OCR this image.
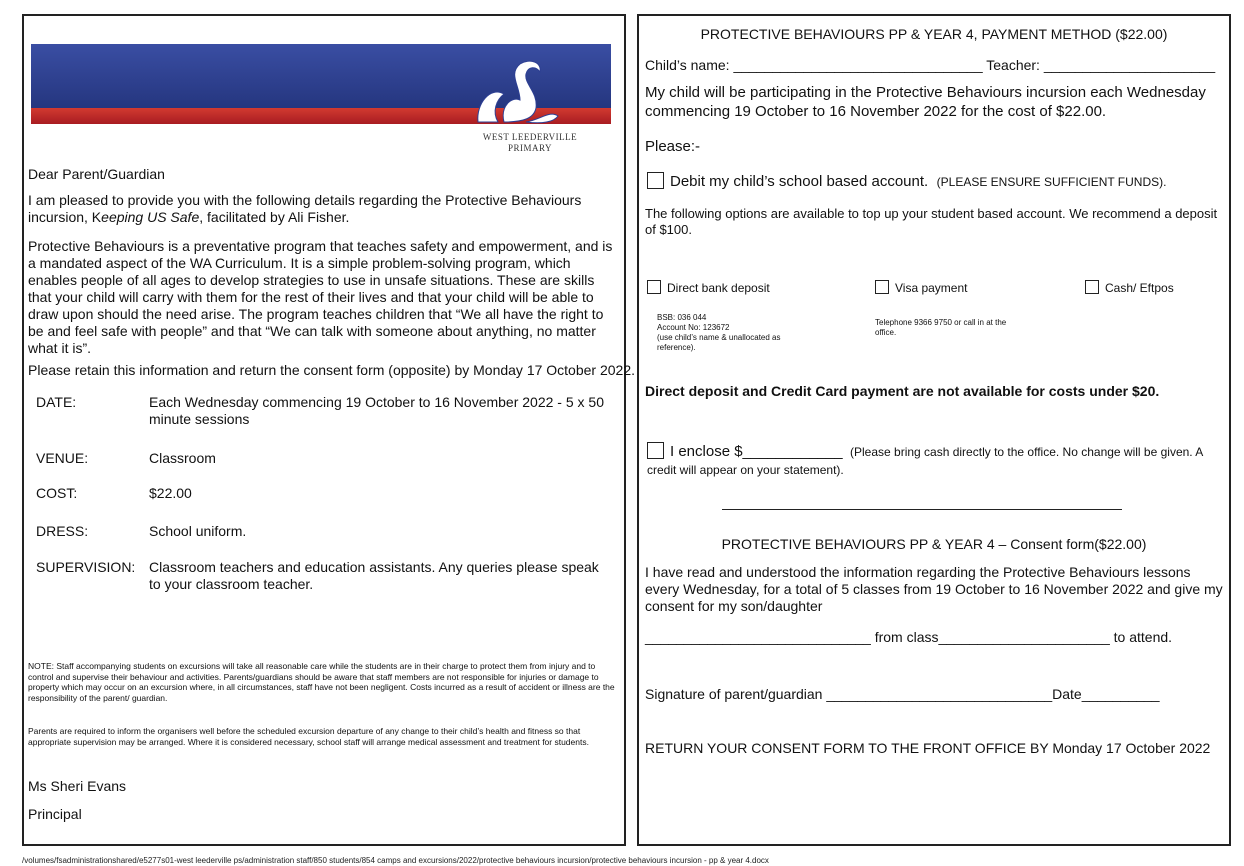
WEST LEEDERVILLE
PRIMARY
Dear Parent/Guardian
I am pleased to provide you with the following details regarding the Protective Behaviours incursion, Keeping US Safe, facilitated by Ali Fisher.
Protective Behaviours is a preventative program that teaches safety and empowerment, and is a mandated aspect of the WA Curriculum. It is a simple problem-solving program, which enables people of all ages to develop strategies to use in unsafe situations. These are skills that your child will carry with them for the rest of their lives and that your child will be able to draw upon should the need arise. The program teaches children that “We all have the right to be and feel safe with people” and that “We can talk with someone about anything, no matter what it is”.
Please retain this information and return the consent form (opposite) by Monday 17 October 2022.
DATE:	Each Wednesday commencing 19 October to 16 November 2022 - 5 x 50 minute sessions
VENUE:	Classroom
COST:	$22.00
DRESS:	School uniform.
SUPERVISION: Classroom teachers and education assistants. Any queries please speak to your classroom teacher.
NOTE: Staff accompanying students on excursions will take all reasonable care while the students are in their charge to protect them from injury and to control and supervise their behaviour and activities. Parents/guardians should be aware that staff members are not responsible for injuries or damage to property which may occur on an excursion where, in all circumstances, staff have not been negligent. Costs incurred as a result of accident or illness are the responsibility of the parent/ guardian.
Parents are required to inform the organisers well before the scheduled excursion departure of any change to their child’s health and fitness so that appropriate supervision may be arranged. Where it is considered necessary, school staff will arrange medical assessment and treatment for students.
Ms Sheri Evans
Principal
PROTECTIVE BEHAVIOURS PP & YEAR 4, PAYMENT METHOD ($22.00)
Child’s name: ________________________________ Teacher: ______________________
My child will be participating in the Protective Behaviours incursion each Wednesday commencing 19 October to 16 November 2022 for the cost of $22.00.
Please:-
Debit my child’s school based account. (PLEASE ENSURE SUFFICIENT FUNDS).
The following options are available to top up your student based account. We recommend a deposit of $100.
Direct bank deposit	Visa payment	Cash/ Eftpos
BSB: 036 044
Account No: 123672
(use child’s name & unallocated as reference).
Telephone 9366 9750 or call in at the office.
Direct deposit and Credit Card payment are not available for costs under $20.
I enclose $____________ (Please bring cash directly to the office. No change will be given. A credit will appear on your statement).
PROTECTIVE BEHAVIOURS PP & YEAR 4 – Consent form($22.00)
I have read and understood the information regarding the Protective Behaviours lessons every Wednesday, for a total of 5 classes from 19 October to 16 November 2022 and give my consent for my son/daughter
_____________________________ from class______________________ to attend.
Signature of parent/guardian _____________________________Date__________
RETURN YOUR CONSENT FORM TO THE FRONT OFFICE BY Monday 17 October 2022
/volumes/fsadministrationshared/e5277s01-west leederville ps/administration staff/850 students/854 camps and excursions/2022/protective behaviours incursion/protective behaviours incursion - pp & year 4.docx
